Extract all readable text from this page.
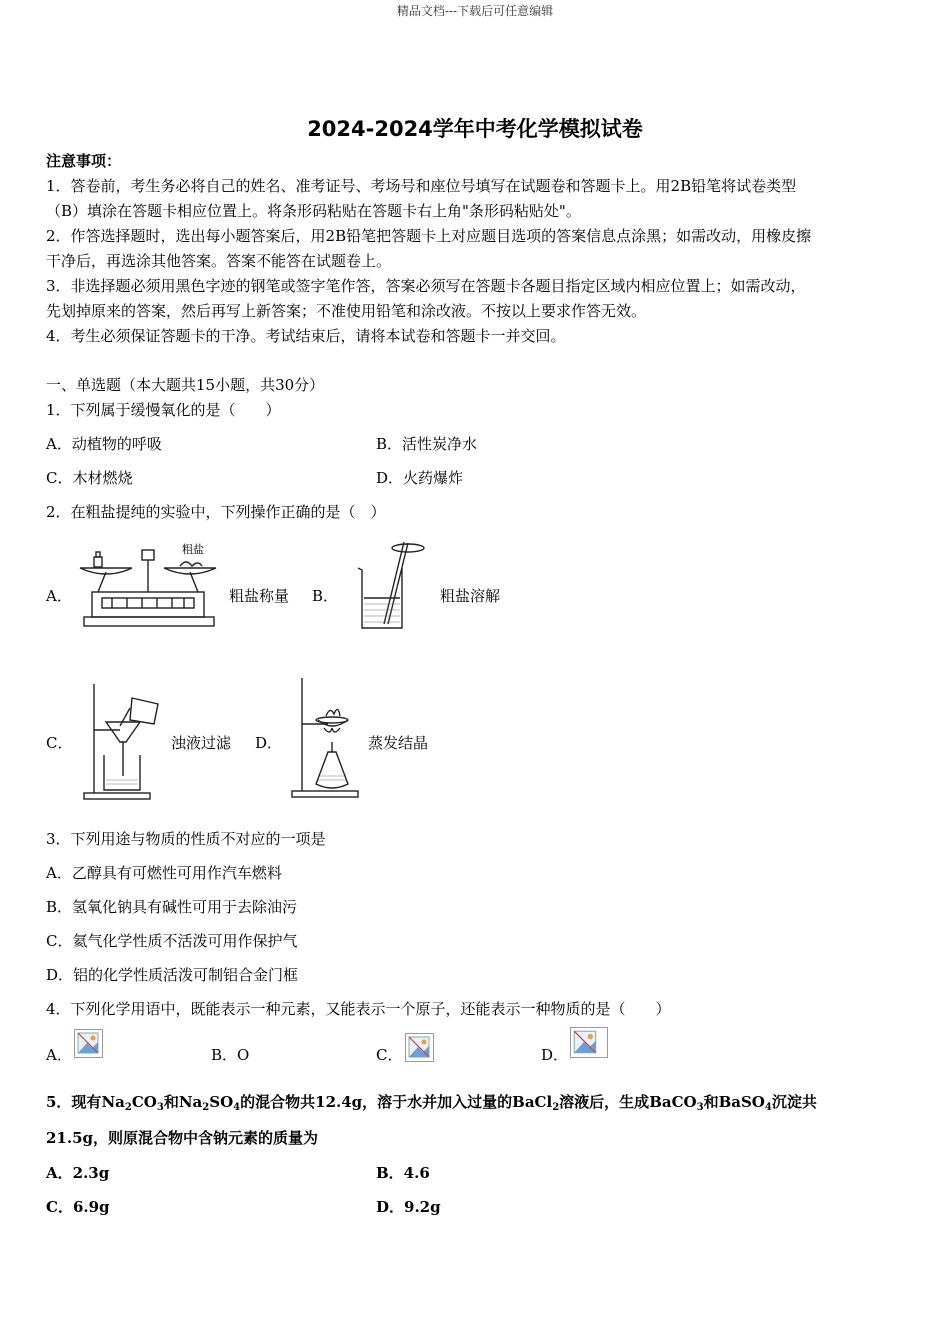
精品文档---下载后可任意编辑
2024-2024学年中考化学模拟试卷
注意事项：
1．答卷前，考生务必将自己的姓名、准考证号、考场号和座位号填写在试题卷和答题卡上。用2B铅笔将试卷类型
（B）填涂在答题卡相应位置上。将条形码粘贴在答题卡右上角"条形码粘贴处"。
2．作答选择题时，选出每小题答案后，用2B铅笔把答题卡上对应题目选项的答案信息点涂黑；如需改动，用橡皮擦
干净后，再选涂其他答案。答案不能答在试题卷上。
3．非选择题必须用黑色字迹的钢笔或签字笔作答，答案必须写在答题卡各题目指定区域内相应位置上；如需改动，
先划掉原来的答案，然后再写上新答案；不准使用铅笔和涂改液。不按以上要求作答无效。
4．考生必须保证答题卡的干净。考试结束后，请将本试卷和答题卡一并交回。
一、单选题（本大题共15小题，共30分）
1．下列属于缓慢氧化的是（　　）
A．动植物的呼吸	B．活性炭净水
C．木材燃烧	D．火药爆炸
2．在粗盐提纯的实验中，下列操作正确的是（　）
A．
粗盐
粗盐称量 B．	粗盐溶解
C．	浊液过滤 D．	蒸发结晶
3．下列用途与物质的性质不对应的一项是
A．乙醇具有可燃性可用作汽车燃料
B．氢氧化钠具有碱性可用于去除油污
C．氦气化学性质不活泼可用作保护气
D．铝的化学性质活泼可制铝合金门框
4．下列化学用语中，既能表示一种元素，又能表示一个原子，还能表示一种物质的是（　　）
A．	B．O	C．	D．
5．现有$Na_2CO_3$和$Na_2SO_4$的混合物共12.4g，溶于水并加入过量的BaCl$_2$溶液后，生成BaCO$_3$和BaSO$_4$沉淀共
21.5g，则原混合物中含钠元素的质量为
A．2.3g	B．4.6
C．6.9g	D．9.2g
